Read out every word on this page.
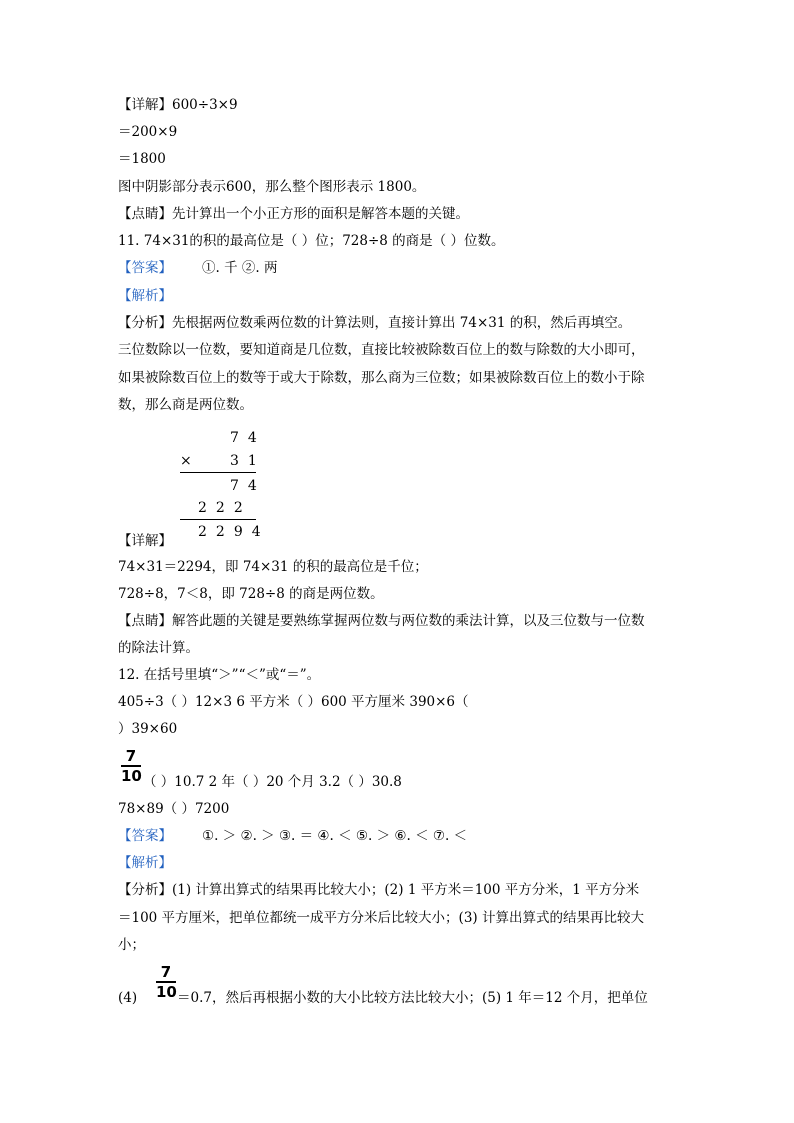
【详解】600÷3×9
＝200×9
＝1800
图中阴影部分表示600，那么整个图形表示 1800。
【点睛】先计算出一个小正方形的面积是解答本题的关键。
11. 74×31的积的最高位是（ ）位；728÷8 的商是（ ）位数。
【答案】 ①. 千 ②. 两
【解析】
【分析】先根据两位数乘两位数的计算法则，直接计算出 74×31 的积，然后再填空。
三位数除以一位数，要知道商是几位数，直接比较被除数百位上的数与除数的大小即可，
如果被除数百位上的数等于或大于除数，那么商为三位数；如果被除数百位上的数小于除
数，那么商是两位数。
74
× 31
74
222
2294
【详解】
74×31＝2294，即 74×31 的积的最高位是千位；
728÷8，7＜8，即 728÷8 的商是两位数。
【点睛】解答此题的关键是要熟练掌握两位数与两位数的乘法计算，以及三位数与一位数
的除法计算。
12. 在括号里填“＞”“＜”或“＝”。
405÷3（ ）12×3 6 平方米（ ）600 平方厘米 390×6（
）39×60
7
10 （ ）10.7 2 年（ ）20 个月 3.2（ ）30.8
78×89（ ）7200
【答案】 ①. ＞ ②. ＞ ③. ＝ ④. ＜ ⑤. ＞ ⑥. ＜ ⑦. ＜
【解析】
【分析】(1) 计算出算式的结果再比较大小；(2) 1 平方米＝100 平方分米，1 平方分米
＝100 平方厘米，把单位都统一成平方分米后比较大小；(3) 计算出算式的结果再比较大
小；
(4)
7
10 ＝0.7，然后再根据小数的大小比较方法比较大小；(5) 1 年＝12 个月，把单位
